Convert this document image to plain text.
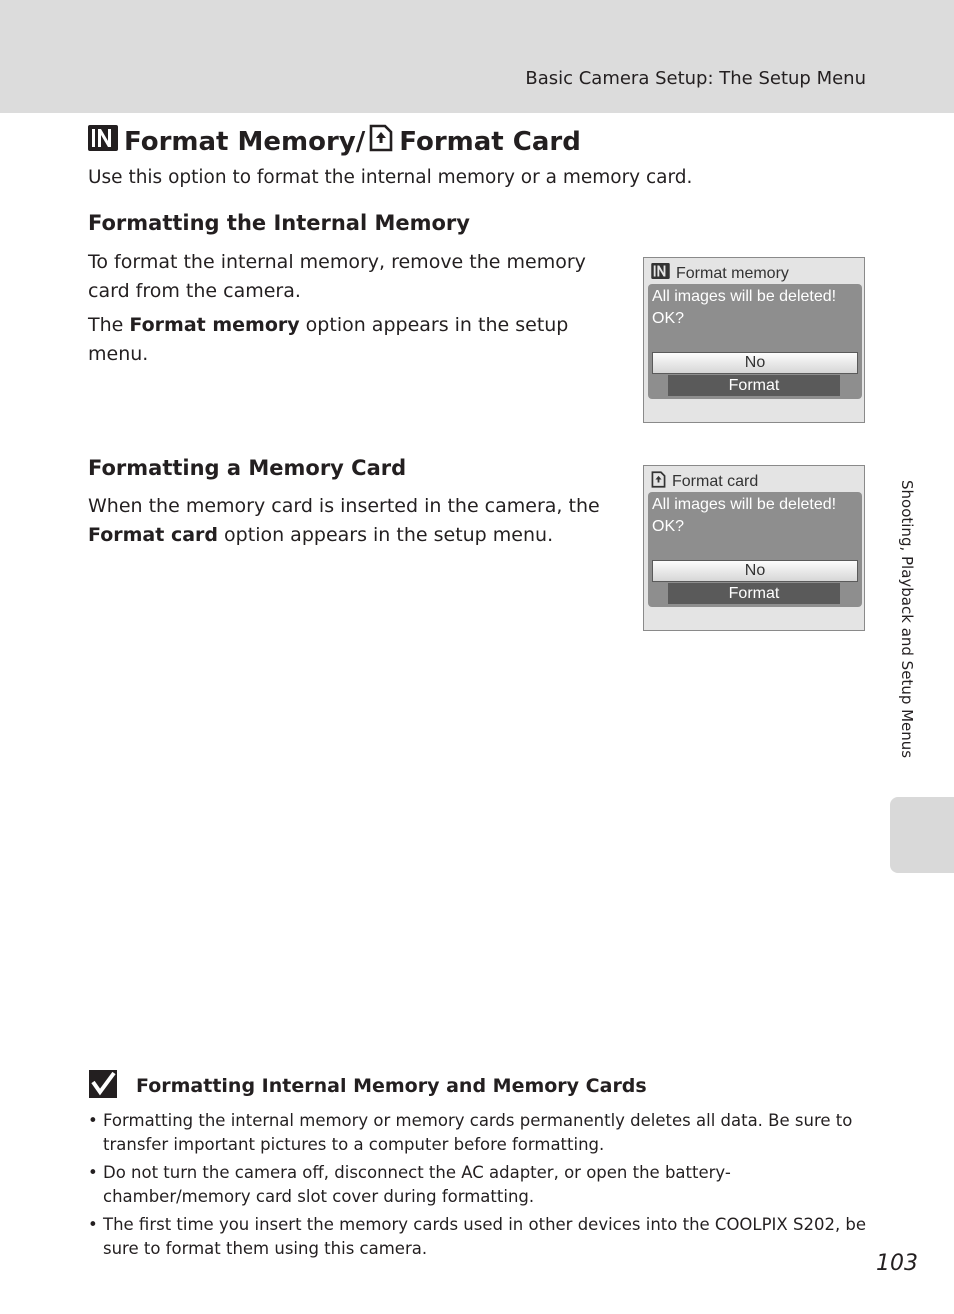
Basic Camera Setup: The Setup Menu
Format Memory/ Format Card
Use this option to format the internal memory or a memory card.
Formatting the Internal Memory

To format the internal memory, remove the memory card from the camera.

The Format memory option appears in the setup menu.

Format memory
All images will be deleted!
OK?
No
Format
Formatting a Memory Card

When the memory card is inserted in the camera, the Format card option appears in the setup menu.

Format card
All images will be deleted!
OK?
No
Format	Shooting, Playback and Setup Menus
Formatting Internal Memory and Memory Cards
• Formatting the internal memory or memory cards permanently deletes all data. Be sure to transfer important pictures to a computer before formatting.
• Do not turn the camera off, disconnect the AC adapter, or open the battery-chamber/memory card slot cover during formatting.
• The first time you insert the memory cards used in other devices into the COOLPIX S202, be sure to format them using this camera.
103
